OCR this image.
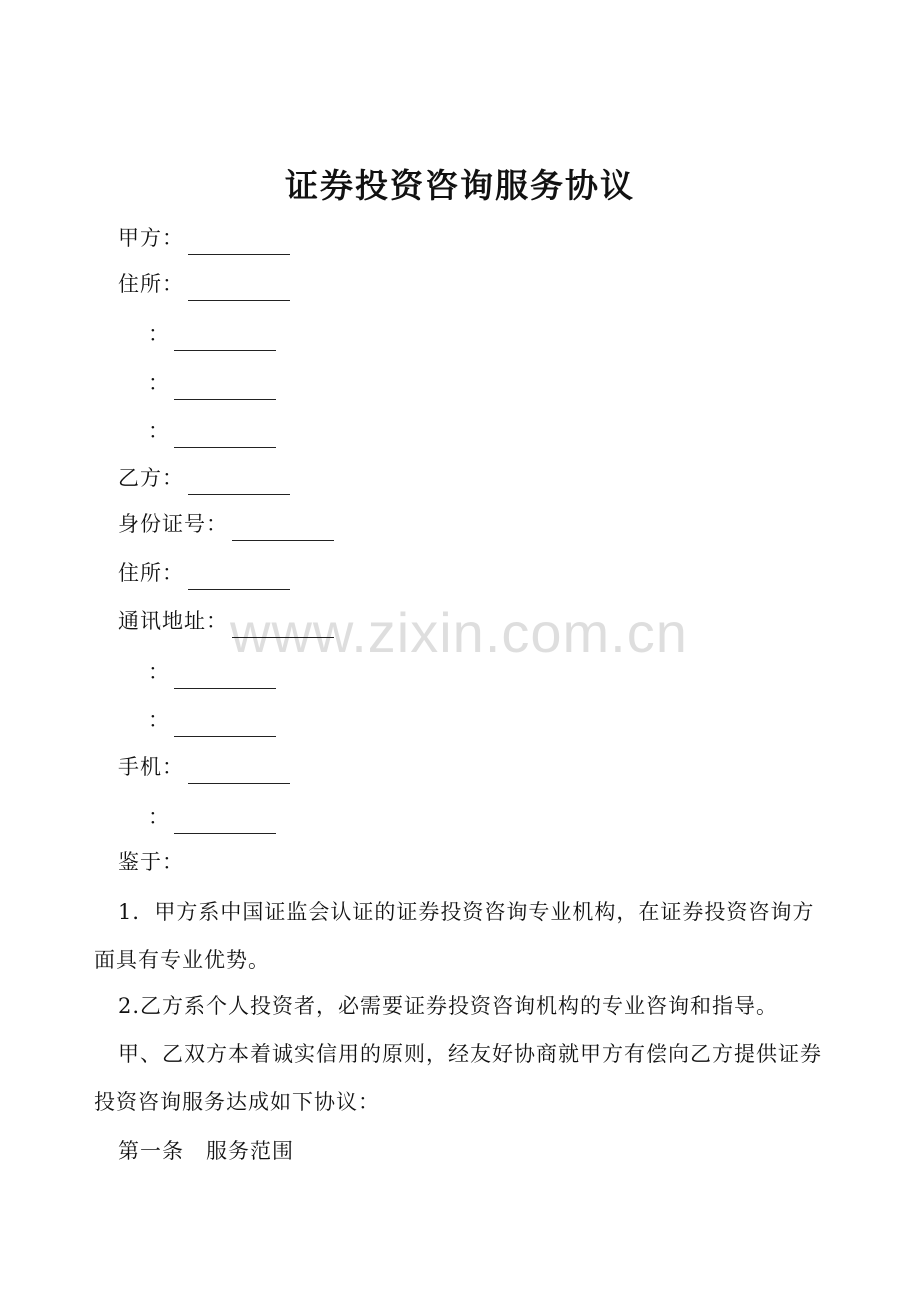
证券投资咨询服务协议
甲方：
住所：
：
：
：
乙方：
身份证号：
住所：
通讯地址：
：
：
手机：
：
鉴于：

1．甲方系中国证监会认证的证券投资咨询专业机构，在证券投资咨询方面具有专业优势。

2.乙方系个人投资者，必需要证券投资咨询机构的专业咨询和指导。

甲、乙双方本着诚实信用的原则，经友好协商就甲方有偿向乙方提供证券投资咨询服务达成如下协议：

第一条　服务范围
www.zixin.com.cn
